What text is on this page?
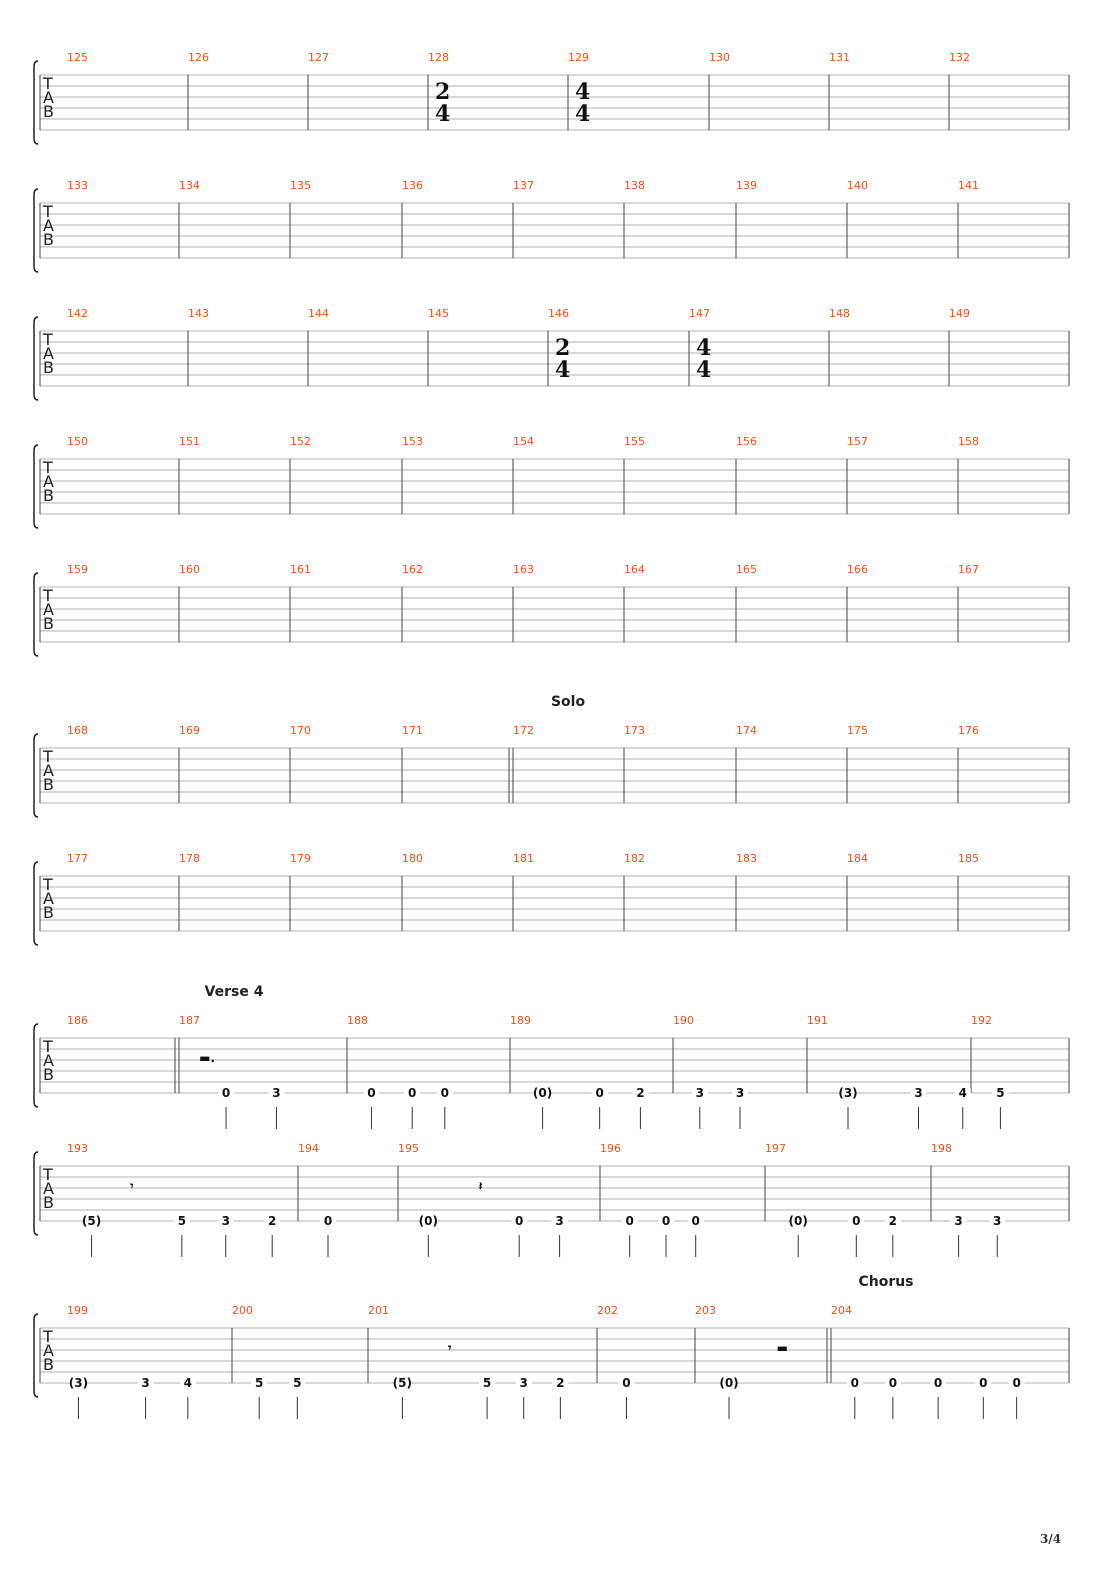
T
A
B
125	126	127	128	129	130	131	132
2
4
4
4
T
A
B
133	134	135	136	137	138	139	140	141
T
A
B
142	143	144	145	146	147	148	149
2
4
4
4
T
A
B
150	151	152	153	154	155	156	157	158
T
A
B
159	160	161	162	163	164	165	166	167
T
A
B
168	169	170	171	172	173	174	175	176
Solo
T
A
B
177	178	179	180	181	182	183	184	185
T
A
B
186	187	188	189	190	191	192
Verse 4
0	3	0	0 0	(0)	0	2	3	3	(3)	3	4 5
▬.
T
A
B
193	194	195	196	197	198
(5)	5	3	2	0	(0)	0	3	0 0 0	(0)	0 2	3	3
𝄾	𝄽
T
A
B
199	200	201	202	203	204
Chorus
(3)	3	4	5 5	(5)	5 3 2	0	(0)	0 0	0	0 0
𝄾	▬
3/4
